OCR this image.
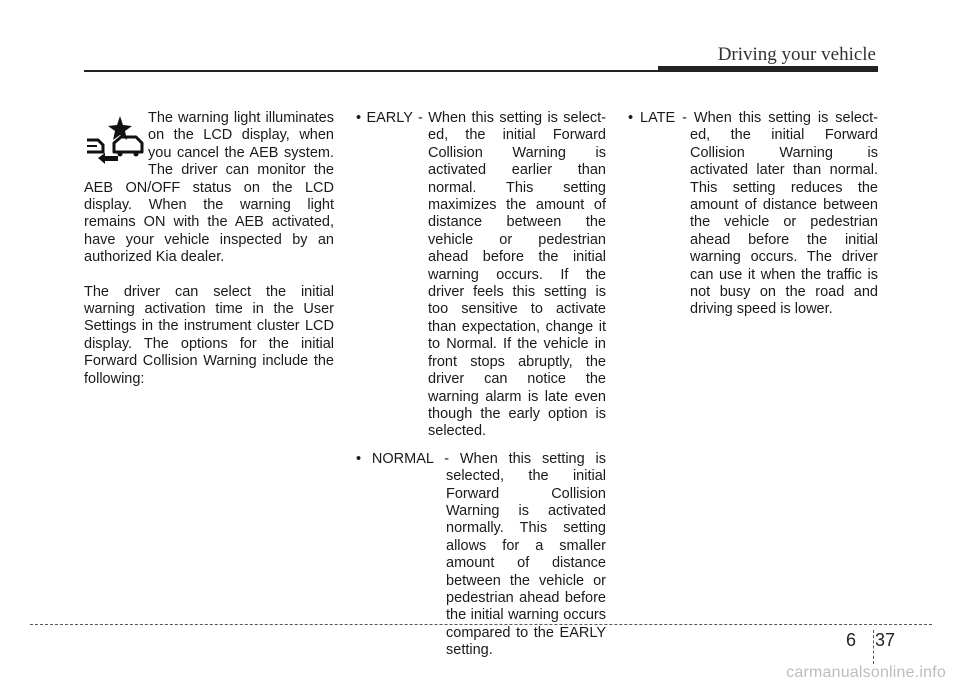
Driving your vehicle

The warning light illuminates on the LCD display, when you cancel the AEB system. The driver can monitor the AEB ON/OFF status on the LCD display. When the warning light remains ON with the AEB activated, have your vehicle inspected by an authorized Kia dealer.

The driver can select the initial warning activation time in the User Settings in the instrument cluster LCD display. The options for the initial Forward Collision Warning include the following:

• EARLY - When this setting is select-
ed, the initial Forward Collision Warning is activated earlier than normal. This setting maximizes the amount of distance between the vehicle or pedestrian ahead before the initial warning occurs. If the driver feels this setting is too sensitive to activate than expectation, change it to Normal. If the vehicle in front stops abruptly, the driver can notice the warning alarm is late even though the early option is selected.
• NORMAL - When this setting is
selected, the initial Forward Collision Warning is activated normally. This setting allows for a smaller amount of distance between the vehicle or pedestrian ahead before the initial warning occurs compared to the EARLY setting.
• LATE - When this setting is select-
ed, the initial Forward Collision Warning is activated later than normal. This setting reduces the amount of distance between the vehicle or pedestrian ahead before the initial warning occurs. The driver can use it when the traffic is not busy on the road and driving speed is lower.
6 37
carmanualsonline.info
